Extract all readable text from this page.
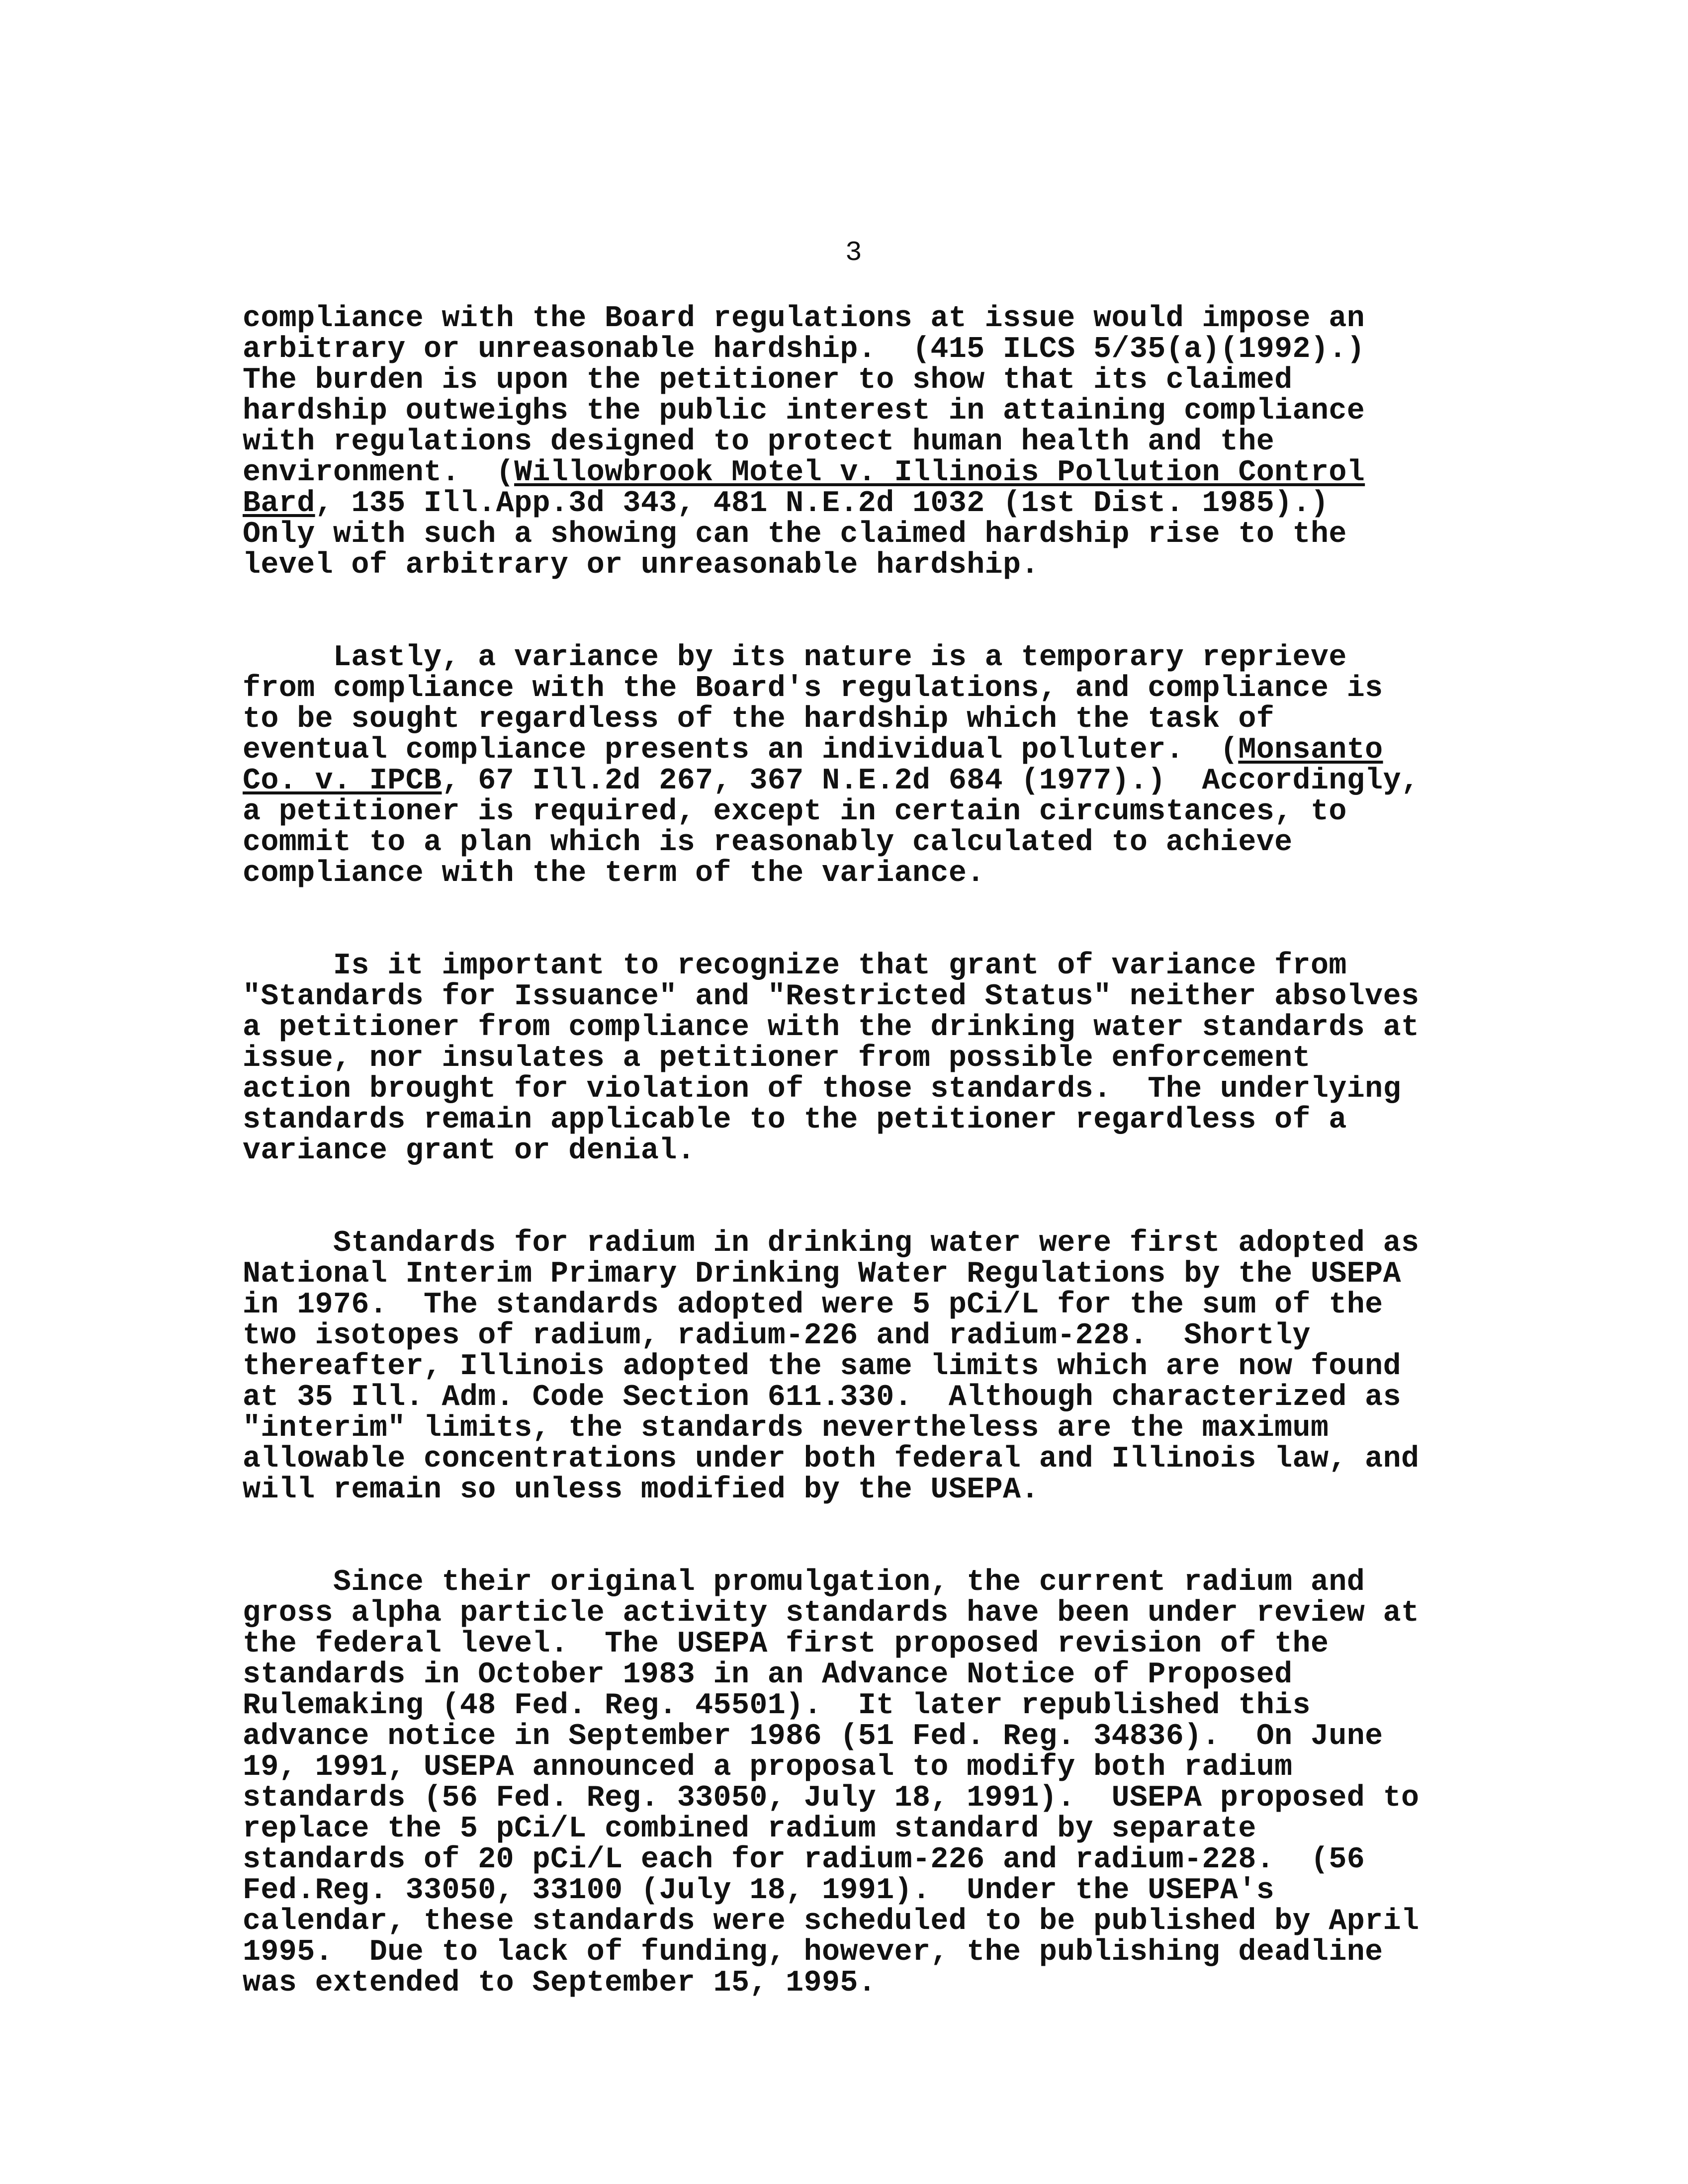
3
compliance with the Board regulations at issue would impose an
arbitrary or unreasonable hardship.  (415 ILCS 5/35(a)(1992).)
The burden is upon the petitioner to show that its claimed
hardship outweighs the public interest in attaining compliance
with regulations designed to protect human health and the
environment.  (Willowbrook Motel v. Illinois Pollution Control
Bard, 135 Ill.App.3d 343, 481 N.E.2d 1032 (1st Dist. 1985).)
Only with such a showing can the claimed hardship rise to the
level of arbitrary or unreasonable hardship.
Lastly, a variance by its nature is a temporary reprieve
from compliance with the Board's regulations, and compliance is
to be sought regardless of the hardship which the task of
eventual compliance presents an individual polluter.  (Monsanto
Co. v. IPCB, 67 Ill.2d 267, 367 N.E.2d 684 (1977).)  Accordingly,
a petitioner is required, except in certain circumstances, to
commit to a plan which is reasonably calculated to achieve
compliance with the term of the variance.
Is it important to recognize that grant of variance from
"Standards for Issuance" and "Restricted Status" neither absolves
a petitioner from compliance with the drinking water standards at
issue, nor insulates a petitioner from possible enforcement
action brought for violation of those standards.  The underlying
standards remain applicable to the petitioner regardless of a
variance grant or denial.
Standards for radium in drinking water were first adopted as
National Interim Primary Drinking Water Regulations by the USEPA
in 1976.  The standards adopted were 5 pCi/L for the sum of the
two isotopes of radium, radium-226 and radium-228.  Shortly
thereafter, Illinois adopted the same limits which are now found
at 35 Ill. Adm. Code Section 611.330.  Although characterized as
"interim" limits, the standards nevertheless are the maximum
allowable concentrations under both federal and Illinois law, and
will remain so unless modified by the USEPA.
Since their original promulgation, the current radium and
gross alpha particle activity standards have been under review at
the federal level.  The USEPA first proposed revision of the
standards in October 1983 in an Advance Notice of Proposed
Rulemaking (48 Fed. Reg. 45501).  It later republished this
advance notice in September 1986 (51 Fed. Reg. 34836).  On June
19, 1991, USEPA announced a proposal to modify both radium
standards (56 Fed. Reg. 33050, July 18, 1991).  USEPA proposed to
replace the 5 pCi/L combined radium standard by separate
standards of 20 pCi/L each for radium-226 and radium-228.  (56
Fed.Reg. 33050, 33100 (July 18, 1991).  Under the USEPA's
calendar, these standards were scheduled to be published by April
1995.  Due to lack of funding, however, the publishing deadline
was extended to September 15, 1995.
